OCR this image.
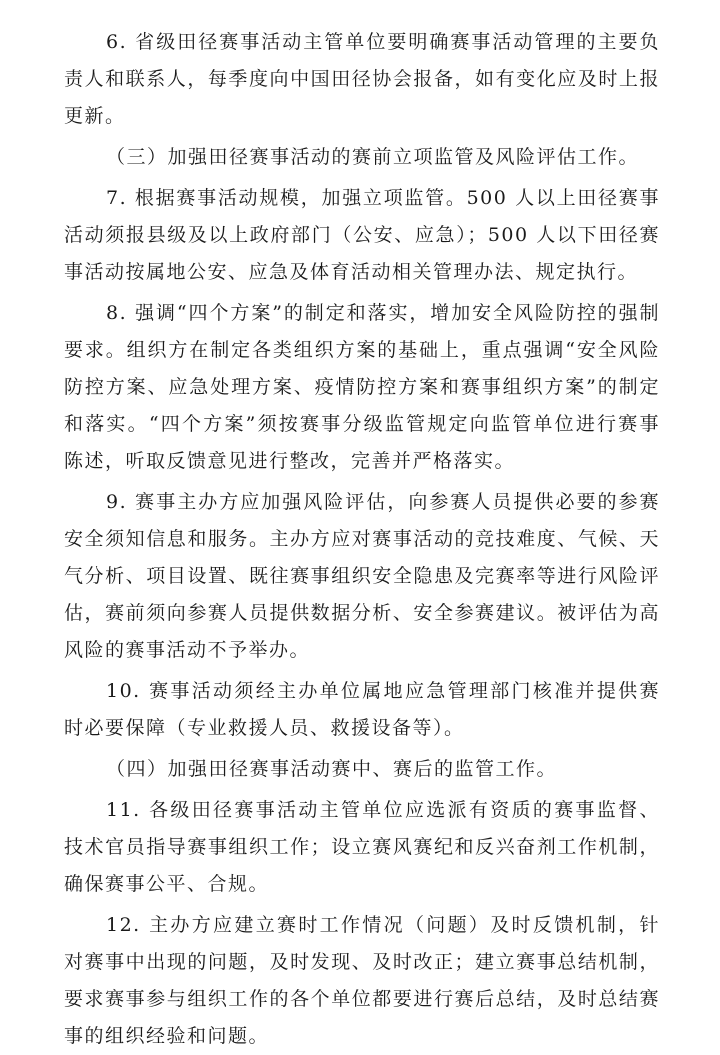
6. 省级田径赛事活动主管单位要明确赛事活动管理的主要负责人和联系人，每季度向中国田径协会报备，如有变化应及时上报更新。

（三）加强田径赛事活动的赛前立项监管及风险评估工作。

7. 根据赛事活动规模，加强立项监管。500 人以上田径赛事活动须报县级及以上政府部门（公安、应急）；500 人以下田径赛事活动按属地公安、应急及体育活动相关管理办法、规定执行。

8. 强调“四个方案”的制定和落实，增加安全风险防控的强制要求。组织方在制定各类组织方案的基础上，重点强调“安全风险防控方案、应急处理方案、疫情防控方案和赛事组织方案”的制定和落实。“四个方案”须按赛事分级监管规定向监管单位进行赛事陈述，听取反馈意见进行整改，完善并严格落实。

9. 赛事主办方应加强风险评估，向参赛人员提供必要的参赛安全须知信息和服务。主办方应对赛事活动的竞技难度、气候、天气分析、项目设置、既往赛事组织安全隐患及完赛率等进行风险评估，赛前须向参赛人员提供数据分析、安全参赛建议。被评估为高风险的赛事活动不予举办。

10. 赛事活动须经主办单位属地应急管理部门核准并提供赛时必要保障（专业救援人员、救援设备等）。

（四）加强田径赛事活动赛中、赛后的监管工作。

11. 各级田径赛事活动主管单位应选派有资质的赛事监督、技术官员指导赛事组织工作；设立赛风赛纪和反兴奋剂工作机制，确保赛事公平、合规。

12. 主办方应建立赛时工作情况（问题）及时反馈机制，针对赛事中出现的问题，及时发现、及时改正；建立赛事总结机制，要求赛事参与组织工作的各个单位都要进行赛后总结，及时总结赛事的组织经验和问题。
